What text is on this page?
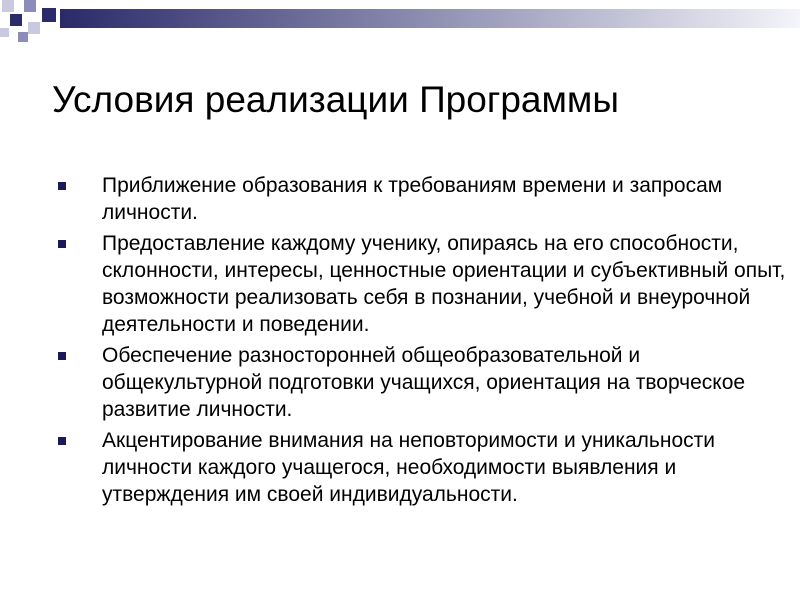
Условия реализации Программы
Приближение образования к требованиям времени и запросам личности.
Предоставление каждому ученику, опираясь на его способности, склонности, интересы, ценностные ориентации и субъективный опыт, возможности реализовать себя в познании, учебной и внеурочной деятельности и поведении.
Обеспечение разносторонней общеобразовательной и общекультурной подготовки учащихся, ориентация на творческое развитие личности.
Акцентирование внимания на неповторимости и уникальности личности каждого учащегося, необходимости выявления и утверждения им своей индивидуальности.
